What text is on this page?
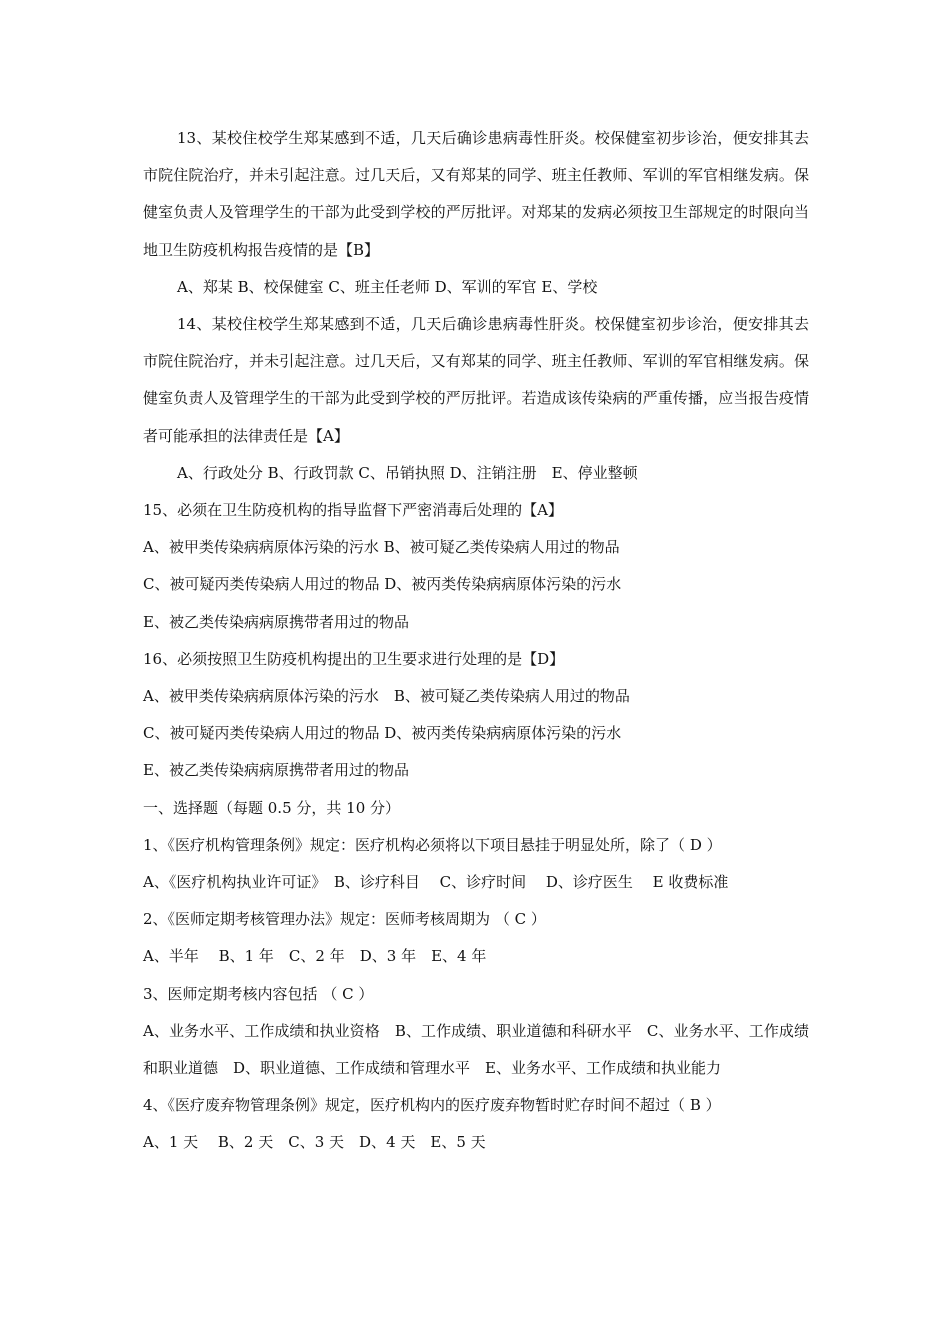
13、某校住校学生郑某感到不适，几天后确诊患病毒性肝炎。校保健室初步诊治，便安排其去市院住院治疗，并未引起注意。过几天后，又有郑某的同学、班主任教师、军训的军官相继发病。保健室负责人及管理学生的干部为此受到学校的严厉批评。对郑某的发病必须按卫生部规定的时限向当地卫生防疫机构报告疫情的是【B】

A、郑某 B、校保健室 C、班主任老师 D、军训的军官 E、学校

14、某校住校学生郑某感到不适，几天后确诊患病毒性肝炎。校保健室初步诊治，便安排其去市院住院治疗，并未引起注意。过几天后，又有郑某的同学、班主任教师、军训的军官相继发病。保健室负责人及管理学生的干部为此受到学校的严厉批评。若造成该传染病的严重传播，应当报告疫情者可能承担的法律责任是【A】

A、行政处分 B、行政罚款 C、吊销执照 D、注销注册　E、停业整顿

15、必须在卫生防疫机构的指导监督下严密消毒后处理的【A】

A、被甲类传染病病原体污染的污水 B、被可疑乙类传染病人用过的物品

C、被可疑丙类传染病人用过的物品 D、被丙类传染病病原体污染的污水

E、被乙类传染病病原携带者用过的物品

16、必须按照卫生防疫机构提出的卫生要求进行处理的是【D】

A、被甲类传染病病原体污染的污水　B、被可疑乙类传染病人用过的物品

C、被可疑丙类传染病人用过的物品 D、被丙类传染病病原体污染的污水

E、被乙类传染病病原携带者用过的物品

一、选择题（每题 0.5 分，共 10 分）

1、《医疗机构管理条例》规定：医疗机构必须将以下项目悬挂于明显处所，除了（ D ）

A、《医疗机构执业许可证》　B、诊疗科目　 C、诊疗时间　 D、诊疗医生　 E 收费标准

2、《医师定期考核管理办法》规定：医师考核周期为 （ C ）

A、半年　 B、1 年　C、2 年　D、3 年　E、4 年

3、医师定期考核内容包括 （ C ）

A、业务水平、工作成绩和执业资格　B、工作成绩、职业道德和科研水平　C、业务水平、工作成绩和职业道德　D、职业道德、工作成绩和管理水平　E、业务水平、工作成绩和执业能力

4、《医疗废弃物管理条例》规定，医疗机构内的医疗废弃物暂时贮存时间不超过（ B ）

A、1 天　 B、2 天　C、3 天　D、4 天　E、5 天
